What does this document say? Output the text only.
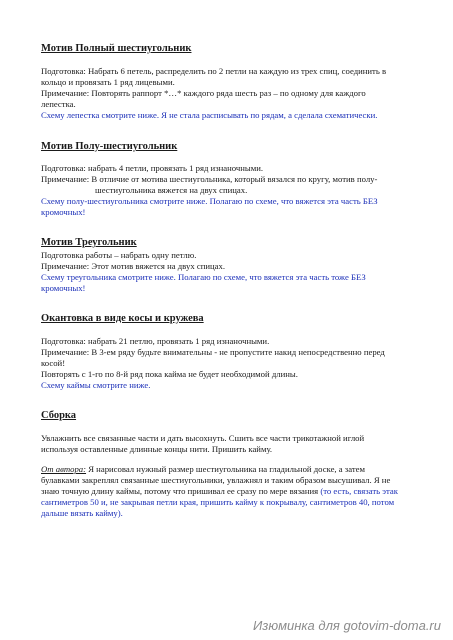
Мотив Полный шестиугольник

Подготовка: Набрать 6 петель, распределить по 2 петли на каждую из трех спиц, соединить в

кольцо и провязать 1 ряд лицевыми.

Примечание: Повторять раппорт *…* каждого ряда шесть раз – по одному для каждого

лепестка.

Схему лепестка смотрите ниже. Я не стала расписывать по рядам, а сделала схематически.

Мотив Полу-шестиугольник

Подготовка: набрать 4 петли, провязать 1 ряд изнаночными.

Примечание: В отличие от мотива шестиугольника, который вязался по кругу, мотив полу-

шестиугольника вяжется на двух спицах.

Схему полу-шестиугольника смотрите ниже. Полагаю по схеме, что вяжется эта часть БЕЗ

кромочных!

Мотив Треугольник

Подготовка работы – набрать одну петлю.

Примечание: Этот мотив вяжется на двух спицах.

Схему треугольника смотрите ниже. Полагаю по схеме, что вяжется эта часть тоже БЕЗ

кромочных!

Окантовка в виде косы и кружева

Подготовка: набрать 21 петлю, провязать 1 ряд изнаночными.

Примечание: В 3-ем ряду будьте внимательны - не пропустите накид непосредственно перед

косой!

Повторять с 1-го по 8-й ряд пока кайма не будет необходимой длины.

Схему каймы смотрите ниже.

Сборка

Увлажнить все связанные части и дать высохнуть. Сшить все части трикотажной иглой

используя оставленные длинные концы нити. Пришить кайму.

От автора: Я нарисовал нужный размер шестиугольника на гладильной доске, а затем

булавками закреплял связанные шестиугольники, увлажнял и таким образом высушивал. Я не

знаю точную длину каймы, потому что пришивал ее сразу по мере вязания (то есть, связать этак

сантиметров 50 и, не закрывая петли края, пришить кайму к покрывалу, сантиметров 40, потом

дальше вязать кайму).

Изюминка для gotovim-doma.ru
